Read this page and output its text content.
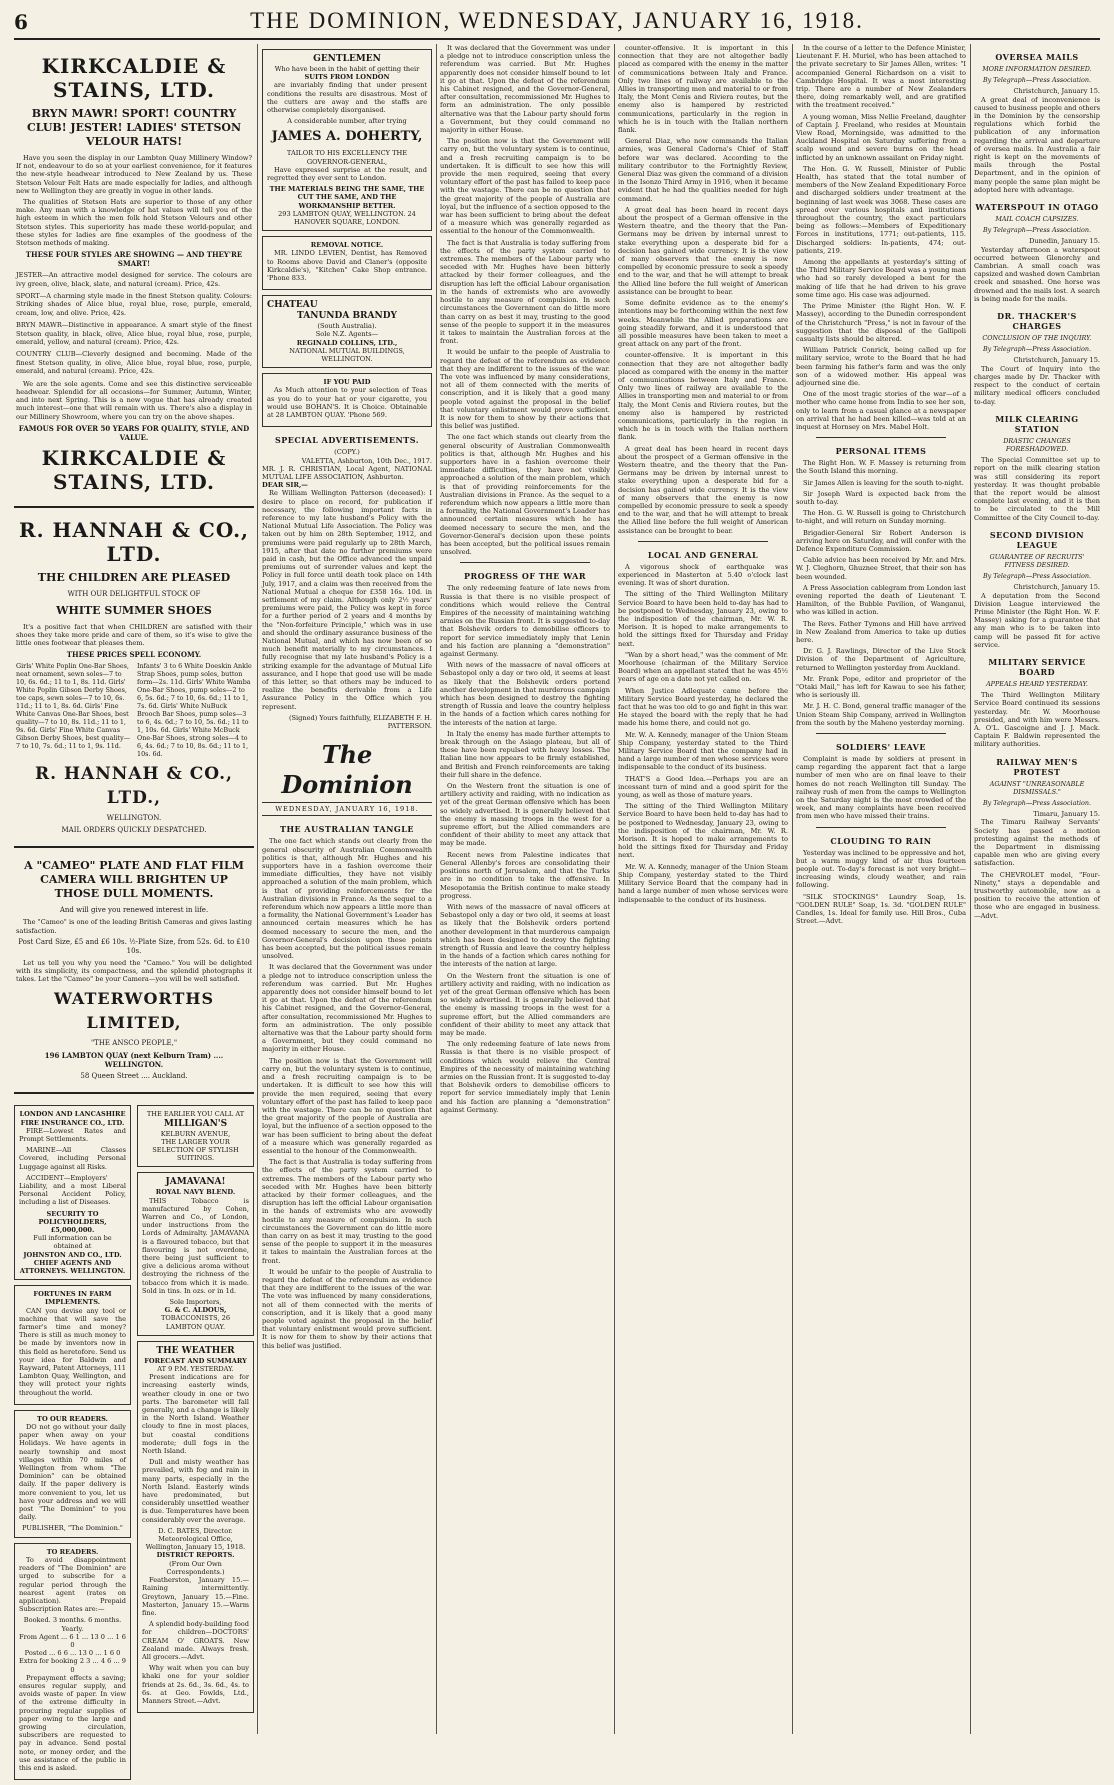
6	THE DOMINION, WEDNESDAY, JANUARY 16, 1918.
KIRKCALDIE & STAINS, LTD.
BRYN MAWR! SPORT! COUNTRY CLUB! JESTER! LADIES' STETSON VELOUR HATS!

Have you seen the display in our Lambton Quay Millinery Window? If not, endeavour to do so at your earliest convenience, for it features the new-style headwear introduced to New Zealand by us. These Stetson Velour Felt Hats are made especially for ladies, and although new to Wellington they are greatly in vogue in other lands.

The qualities of Stetson Hats are superior to those of any other make. Any man with a knowledge of hat values will tell you of the high esteem in which the men folk hold Stetson Velours and other Stetson styles. This superiority has made these world-popular, and these styles for ladies are fine examples of the goodness of the Stetson methods of making.

THESE FOUR STYLES ARE SHOWING — AND THEY'RE SMART!
JESTER—An attractive model designed for service. The colours are ivy green, olive, black, slate, and natural (cream). Price, 42s.
SPORT—A charming style made in the finest Stetson quality. Colours: Striking shades of Alice blue, royal blue, rose, purple, emerald, cream, low, and olive. Price, 42s.
BRYN MAWR—Distinctive in appearance. A smart style of the finest Stetson quality, in black, olive, Alice blue, royal blue, rose, purple, emerald, yellow, and natural (cream). Price, 42s.
COUNTRY CLUB—Cleverly designed and becoming. Made of the finest Stetson quality, in olive, Alice blue, royal blue, rose, purple, emerald, and natural (cream). Price, 42s.

We are the sole agents. Come and see this distinctive serviceable headwear. Splendid for all occasions—for Summer, Autumn, Winter, and into next Spring. This is a new vogue that has already created much interest—one that will remain with us. There's also a display in our Millinery Showroom, where you can try on the above shapes.

FAMOUS FOR OVER 50 YEARS FOR QUALITY, STYLE, AND VALUE.
KIRKCALDIE & STAINS, LTD.
R. HANNAH & CO., LTD.
THE CHILDREN ARE PLEASED
WITH OUR DELIGHTFUL STOCK OF
WHITE SUMMER SHOES

It's a positive fact that when CHILDREN are satisfied with their shoes they take more pride and care of them, so it's wise to give the little ones footwear that pleases them.

THESE PRICES SPELL ECONOMY.
Girls' White Poplin One-Bar Shoes, neat ornament, sewn soles—7 to 10, 6s. 6d.; 11 to 1, 8s. 11d. Girls' White Poplin Gibson Derby Shoes, toe caps, sewn soles—7 to 10, 6s. 11d.; 11 to 1, 8s. 6d. Girls' Fine White Canvas One-Bar Shoes, best quality—7 to 10, 8s. 11d.; 11 to 1, 9s. 6d. Girls' Fine White Canvas Gibson Derby Shoes, best quality—7 to 10, 7s. 6d.; 11 to 1, 9s. 11d.
Infants' 3 to 6 White Doeskin Ankle Strap Shoes, pump soles, button form—2s. 11d. Girls' White Wamba One-Bar Shoes, pump soles—2 to 6, 5s. 6d.; 7 to 10, 6s. 6d.; 11 to 1, 7s. 6d. Girls' White NuBuck Brooch Bar Shoes, pump soles—3 to 6, 4s. 6d.; 7 to 10, 5s. 6d.; 11 to 1, 10s. 6d. Girls' White McBuck One-Bar Shoes, strong soles—4 to 6, 4s. 6d.; 7 to 10, 8s. 6d.; 11 to 1, 10s. 6d.
R. HANNAH & CO., LTD.,
WELLINGTON.
MAIL ORDERS QUICKLY DESPATCHED.
A "CAMEO" PLATE AND FLAT FILM CAMERA WILL BRIGHTEN UP THOSE DULL MOMENTS.
And will give you renewed interest in life.

The "Cameo" is one of the leading British Cameras and gives lasting satisfaction.

Post Card Size, £5 and £6 10s. ½-Plate Size, from 52s. 6d. to £10 10s.

Let us tell you why you need the "Cameo." You will be delighted with its simplicity, its compactness, and the splendid photographs it takes. Let the "Cameo" be your Camera—you will be well satisfied.

WATERWORTHS LIMITED,
"THE ANSCO PEOPLE,"
196 LAMBTON QUAY (next Kelburn Tram) .... WELLINGTON.
58 Queen Street .... Auckland.
LONDON AND LANCASHIRE FIRE INSURANCE CO., LTD.

FIRE—Lowest Rates and Prompt Settlements.

MARINE—All Classes Covered, including Personal Luggage against all Risks.

ACCIDENT—Employers' Liability, and a most Liberal Personal Accident Policy, including a list of Diseases.

SECURITY TO POLICYHOLDERS, £5,000,000.
Full information can be obtained at
JOHNSTON AND CO., LTD. CHIEF AGENTS AND ATTORNEYS. WELLINGTON.
FORTUNES IN FARM IMPLEMENTS.

CAN you devise any tool or machine that will save the farmer's time and money? There is still as much money to be made by inventors now in this field as heretofore. Send us your idea for Baldwin and Rayward, Patent Attorneys, 111 Lambton Quay, Wellington, and they will protect your rights throughout the world.

TO OUR READERS.

DO not go without your daily paper when away on your Holidays. We have agents in nearly township and most villages within 70 miles of Wellington from whom "The Dominion" can be obtained daily. If the paper delivery is more convenient to you, let us have your address and we will post "The Dominion" to you daily.

PUBLISHER, "The Dominion."
TO READERS.

To avoid disappointment readers of "The Dominion" are urged to subscribe for a regular period through the nearest agent (rates on application). Prepaid Subscription Rates are:—

Booked. 3 months. 6 months. Yearly.
From Agent ... 6 1 ... 13 0 ... 1 6 0
Posted ... 6 6 ... 13 0 ... 1 6 0
Extra for booking 2 3 ... 4 6 ... 9 0

Prepayment effects a saving; ensures regular supply, and avoids waste of paper. In view of the extreme difficulty in procuring regular supplies of paper owing to the large and growing circulation, subscribers are requested to pay in advance. Send postal note, or money order, and the use assistance of the public in this end is asked.

THE EARLIER YOU CALL AT
MILLIGAN'S
KELBURN AVENUE,
THE LARGER YOUR SELECTION OF STYLISH SUITINGS.
JAMAVANA!
ROYAL NAVY BLEND.

THIS Tobacco is manufactured by Cohen, Warren and Co., of London, under instructions from the Lords of Admiralty. JAMAVANA is a flavoured tobacco, but that flavouring is not overdone, there being just sufficient to give a delicious aroma without destroying the richness of the tobacco from which it is made. Sold in tins. In ozs. or in 1d.

Sole Importers,
G. & C. ALDOUS,
TOBACCONISTS, 26 LAMBTON QUAY.
THE WEATHER
FORECAST AND SUMMARY
AT 9 P.M. YESTERDAY.

Present indications are for increasing easterly winds, weather cloudy in one or two parts. The barometer will fall generally, and a change is likely in the North Island. Weather cloudy to fine in most places, but coastal conditions moderate; dull fogs in the North Island.

Dull and misty weather has prevailed, with fog and rain in many parts, especially in the North Island. Easterly winds have predominated, but considerably unsettled weather is due. Temperatures have been considerably over the average.

D. C. BATES, Director.
Meteorological Office, Wellington, January 15, 1918.
DISTRICT REPORTS.
(From Our Own Correspondents.)

Featherston, January 15.—Raining intermittently. Greytown, January 15.—Fine. Masterton, January 15.—Warm fine.

A splendid body-building food for children—DOCTORS' CREAM O' GROATS. New Zealand made. Always fresh. All grocers.—Advt.

Why wait when you can buy khaki one for your soldier friends at 2s. 6d., 3s. 6d., 4s. to 6s. at Geo. Fowlds, Ltd., Manners Street.—Advt.

GENTLEMEN
Who have been in the habit of getting their
SUITS FROM LONDON

are invariably finding that under present conditions the results are disastrous. Most of the cutters are away and the staffs are otherwise completely disorganised.

A considerable number, after trying
JAMES A. DOHERTY,
TAILOR TO HIS EXCELLENCY THE GOVERNOR-GENERAL,

Have expressed surprise at the result, and regretted they ever sent to London.

THE MATERIALS BEING THE SAME, THE CUT THE SAME, AND THE WORKMANSHIP BETTER.
293 LAMBTON QUAY, WELLINGTON. 24 HANOVER SQUARE, LONDON.
REMOVAL NOTICE.

MR. LINDO LEVIEN, Dentist, has Removed to Rooms above David and Claner's (opposite Kirkcaldie's), "Kitchen" Cake Shop entrance. 'Phone 833.

CHATEAU
TANUNDA BRANDY
(South Australia).
Sole N.Z. Agents—
REGINALD COLLINS, LTD.,
NATIONAL MUTUAL BUILDINGS, WELLINGTON.
IF YOU PAID

As Much attention to your selection of Teas as you do to your hat or your cigarette, you would use BOHAN'S. It is Choice. Obtainable at 28 LAMBTON QUAY. 'Phone 569.

SPECIAL ADVERTISEMENTS.
(COPY.)
VALETTA, Ashburton, 10th Dec., 1917.
MR. J. R. CHRISTIAN, Local Agent, NATIONAL MUTUAL LIFE ASSOCIATION, Ashburton.
DEAR SIR,—

Re William Wellington Patterson (deceased): I desire to place on record, for publication if necessary, the following important facts in reference to my late husband's Policy with the National Mutual Life Association. The Policy was taken out by him on 28th September, 1912, and premiums were paid regularly up to 28th March, 1915, after that date no further premiums were paid in cash, but the Office advanced the unpaid premiums out of surrender values and kept the Policy in full force until death took place on 14th July, 1917, and a claim was then received from the National Mutual a cheque for £358 16s. 10d. in settlement of my claim. Although only 2½ years' premiums were paid, the Policy was kept in force for a further period of 2 years and 4 months by the "Non-forfeiture Principle," which was in use and should the ordinary assurance business of the National Mutual, and which has now been of so much benefit materially to my circumstances. I fully recognise that my late husband's Policy is a striking example for the advantage of Mutual Life assurance, and I hope that good use will be made of this letter, so that others may be induced to realize the benefits derivable from a Life Assurance Policy in the Office which you represent.

(Signed) Yours faithfully, ELIZABETH F. H. PATTERSON.
The Dominion
WEDNESDAY, JANUARY 16, 1918.
THE AUSTRALIAN TANGLE

The one fact which stands out clearly from the general obscurity of Australian Commonwealth politics is that, although Mr. Hughes and his supporters have in a fashion overcome their immediate difficulties, they have not visibly approached a solution of the main problem, which is that of providing reinforcements for the Australian divisions in France. As the sequel to a referendum which now appears a little more than a formality, the National Government's Leader has announced certain measures which he has deemed necessary to secure the men, and the Governor-General's decision upon these points has been accepted, but the political issues remain unsolved.

It was declared that the Government was under a pledge not to introduce conscription unless the referendum was carried. But Mr. Hughes apparently does not consider himself bound to let it go at that. Upon the defeat of the referendum his Cabinet resigned, and the Governor-General, after consultation, recommissioned Mr. Hughes to form an administration. The only possible alternative was that the Labour party should form a Government, but they could command no majority in either House.

The position now is that the Government will carry on, but the voluntary system is to continue, and a fresh recruiting campaign is to be undertaken. It is difficult to see how this will provide the men required, seeing that every voluntary effort of the past has failed to keep pace with the wastage. There can be no question that the great majority of the people of Australia are loyal, but the influence of a section opposed to the war has been sufficient to bring about the defeat of a measure which was generally regarded as essential to the honour of the Commonwealth.

The fact is that Australia is today suffering from the effects of the party system carried to extremes. The members of the Labour party who seceded with Mr. Hughes have been bitterly attacked by their former colleagues, and the disruption has left the official Labour organisation in the hands of extremists who are avowedly hostile to any measure of compulsion. In such circumstances the Government can do little more than carry on as best it may, trusting to the good sense of the people to support it in the measures it takes to maintain the Australian forces at the front.

It would be unfair to the people of Australia to regard the defeat of the referendum as evidence that they are indifferent to the issues of the war. The vote was influenced by many considerations, not all of them connected with the merits of conscription, and it is likely that a good many people voted against the proposal in the belief that voluntary enlistment would prove sufficient. It is now for them to show by their actions that this belief was justified.

It was declared that the Government was under a pledge not to introduce conscription unless the referendum was carried. But Mr. Hughes apparently does not consider himself bound to let it go at that. Upon the defeat of the referendum his Cabinet resigned, and the Governor-General, after consultation, recommissioned Mr. Hughes to form an administration. The only possible alternative was that the Labour party should form a Government, but they could command no majority in either House.

The position now is that the Government will carry on, but the voluntary system is to continue, and a fresh recruiting campaign is to be undertaken. It is difficult to see how this will provide the men required, seeing that every voluntary effort of the past has failed to keep pace with the wastage. There can be no question that the great majority of the people of Australia are loyal, but the influence of a section opposed to the war has been sufficient to bring about the defeat of a measure which was generally regarded as essential to the honour of the Commonwealth.

The fact is that Australia is today suffering from the effects of the party system carried to extremes. The members of the Labour party who seceded with Mr. Hughes have been bitterly attacked by their former colleagues, and the disruption has left the official Labour organisation in the hands of extremists who are avowedly hostile to any measure of compulsion. In such circumstances the Government can do little more than carry on as best it may, trusting to the good sense of the people to support it in the measures it takes to maintain the Australian forces at the front.

It would be unfair to the people of Australia to regard the defeat of the referendum as evidence that they are indifferent to the issues of the war. The vote was influenced by many considerations, not all of them connected with the merits of conscription, and it is likely that a good many people voted against the proposal in the belief that voluntary enlistment would prove sufficient. It is now for them to show by their actions that this belief was justified.

The one fact which stands out clearly from the general obscurity of Australian Commonwealth politics is that, although Mr. Hughes and his supporters have in a fashion overcome their immediate difficulties, they have not visibly approached a solution of the main problem, which is that of providing reinforcements for the Australian divisions in France. As the sequel to a referendum which now appears a little more than a formality, the National Government's Leader has announced certain measures which he has deemed necessary to secure the men, and the Governor-General's decision upon these points has been accepted, but the political issues remain unsolved.

PROGRESS OF THE WAR

The only redeeming feature of late news from Russia is that there is no visible prospect of conditions which would relieve the Central Empires of the necessity of maintaining watching armies on the Russian front. It is suggested to-day that Bolshevik orders to demobilise officers to report for service immediately imply that Lenin and his faction are planning a "demonstration" against Germany.

With news of the massacre of naval officers at Sebastopol only a day or two old, it seems at least as likely that the Bolshevik orders portend another development in that murderous campaign which has been designed to destroy the fighting strength of Russia and leave the country helpless in the hands of a faction which cares nothing for the interests of the nation at large.

In Italy the enemy has made further attempts to break through on the Asiago plateau, but all of these have been repulsed with heavy losses. The Italian line now appears to be firmly established, and British and French reinforcements are taking their full share in the defence.

On the Western front the situation is one of artillery activity and raiding, with no indication as yet of the great German offensive which has been so widely advertised. It is generally believed that the enemy is massing troops in the west for a supreme effort, but the Allied commanders are confident of their ability to meet any attack that may be made.

Recent news from Palestine indicates that General Allenby's forces are consolidating their positions north of Jerusalem, and that the Turks are in no condition to take the offensive. In Mesopotamia the British continue to make steady progress.

With news of the massacre of naval officers at Sebastopol only a day or two old, it seems at least as likely that the Bolshevik orders portend another development in that murderous campaign which has been designed to destroy the fighting strength of Russia and leave the country helpless in the hands of a faction which cares nothing for the interests of the nation at large.

On the Western front the situation is one of artillery activity and raiding, with no indication as yet of the great German offensive which has been so widely advertised. It is generally believed that the enemy is massing troops in the west for a supreme effort, but the Allied commanders are confident of their ability to meet any attack that may be made.

The only redeeming feature of late news from Russia is that there is no visible prospect of conditions which would relieve the Central Empires of the necessity of maintaining watching armies on the Russian front. It is suggested to-day that Bolshevik orders to demobilise officers to report for service immediately imply that Lenin and his faction are planning a "demonstration" against Germany.

counter-offensive. It is important in this connection that they are not altogether badly placed as compared with the enemy in the matter of communications between Italy and France. Only two lines of railway are available to the Allies in transporting men and material to or from Italy, the Mont Cenis and Riviera routes, but the enemy also is hampered by restricted communications, particularly in the region in which he is in touch with the Italian northern flank.

General Diaz, who now commands the Italian armies, was General Cadorna's Chief of Staff before war was declared. According to the military contributor to the Fortnightly Review, General Diaz was given the command of a division in the Isonzo Third Army in 1916, when it became evident that he had the qualities needed for high command.

A great deal has been heard in recent days about the prospect of a German offensive in the Western theatre, and the theory that the Pan-Germans may be driven by internal unrest to stake everything upon a desperate bid for a decision has gained wide currency. It is the view of many observers that the enemy is now compelled by economic pressure to seek a speedy end to the war, and that he will attempt to break the Allied line before the full weight of American assistance can be brought to bear.

Some definite evidence as to the enemy's intentions may be forthcoming within the next few weeks. Meanwhile the Allied preparations are going steadily forward, and it is understood that all possible measures have been taken to meet a great attack on any part of the front.

counter-offensive. It is important in this connection that they are not altogether badly placed as compared with the enemy in the matter of communications between Italy and France. Only two lines of railway are available to the Allies in transporting men and material to or from Italy, the Mont Cenis and Riviera routes, but the enemy also is hampered by restricted communications, particularly in the region in which he is in touch with the Italian northern flank.

A great deal has been heard in recent days about the prospect of a German offensive in the Western theatre, and the theory that the Pan-Germans may be driven by internal unrest to stake everything upon a desperate bid for a decision has gained wide currency. It is the view of many observers that the enemy is now compelled by economic pressure to seek a speedy end to the war, and that he will attempt to break the Allied line before the full weight of American assistance can be brought to bear.

LOCAL AND GENERAL

A vigorous shock of earthquake was experienced in Masterton at 5.40 o'clock last evening. It was of short duration.

The sitting of the Third Wellington Military Service Board to have been held to-day has had to be postponed to Wednesday, January 23, owing to the indisposition of the chairman, Mr. W. R. Morison. It is hoped to make arrangements to hold the sittings fixed for Thursday and Friday next.

"Wan by a short head," was the comment of Mr. Moorhouse (chairman of the Military Service Board) when an appellant stated that he was 45½ years of age on a date not yet called on.

When Justice Adlequate came before the Military Service Board yesterday, he declared the fact that he was too old to go and fight in this war. He stayed the board with the reply that he had made his home there, and could not go.

Mr. W. A. Kennedy, manager of the Union Steam Ship Company, yesterday stated to the Third Military Service Board that the company had in hand a large number of men whose services were indispensable to the conduct of its business.

THAT'S a Good Idea.—Perhaps you are an incessant turn of mind and a good spirit for the young, as well as those of mature years.

The sitting of the Third Wellington Military Service Board to have been held to-day has had to be postponed to Wednesday, January 23, owing to the indisposition of the chairman, Mr. W. R. Morison. It is hoped to make arrangements to hold the sittings fixed for Thursday and Friday next.

Mr. W. A. Kennedy, manager of the Union Steam Ship Company, yesterday stated to the Third Military Service Board that the company had in hand a large number of men whose services were indispensable to the conduct of its business.

In the course of a letter to the Defence Minister, Lieutenant F. H. Muriel, who has been attached to the private secretary to Sir James Allen, writes: "I accompanied General Richardson on a visit to Cambridge Hospital. It was a most interesting trip. There are a number of New Zealanders there, doing remarkably well, and are gratified with the treatment received."

A young woman, Miss Nellie Freeland, daughter of Captain J. Freeland, who resides at Mountain View Road, Morningside, was admitted to the Auckland Hospital on Saturday suffering from a scalp wound and severe burns on the head inflicted by an unknown assailant on Friday night.

The Hon. G. W. Russell, Minister of Public Health, has stated that the total number of members of the New Zealand Expeditionary Force and discharged soldiers under treatment at the beginning of last week was 3068. These cases are spread over various hospitals and institutions throughout the country, the exact particulars being as follows:—Members of Expeditionary Forces in institutions, 1771; out-patients, 115. Discharged soldiers: In-patients, 474; out-patients, 219.

Among the appellants at yesterday's sitting of the Third Military Service Board was a young man who had so rarely developed a bent for the making of life that he had driven to his grave some time ago. His case was adjourned.

The Prime Minister (the Right Hon. W. F. Massey), according to the Dunedin correspondent of the Christchurch "Press," is not in favour of the suggestion that the disposal of the Gallipoli casualty lists should be altered.

William Patrick Conrick, being called up for military service, wrote to the Board that he had been farming his father's farm and was the only son of a widowed mother. His appeal was adjourned sine die.

One of the most tragic stories of the war—of a mother who came home from India to see her son, only to learn from a casual glance at a newspaper on arrival that he had been killed—was told at an inquest at Hornsey on Mrs. Mabel Holt.

PERSONAL ITEMS

The Right Hon. W. F. Massey is returning from the South Island this morning.

Sir James Allen is leaving for the south to-night.

Sir Joseph Ward is expected back from the south to-day.

The Hon. G. W. Russell is going to Christchurch to-night, and will return on Sunday morning.

Brigadier-General Sir Robert Anderson is arriving here on Saturday, and will confer with the Defence Expenditure Commission.

Cable advice has been received by Mr. and Mrs. W. J. Cleghorn, Ghuznee Street, that their son has been wounded.

A Press Association cablegram from London last evening reported the death of Lieutenant T. Hamilton, of the Bubble Pavilion, of Wanganui, who was killed in action.

The Revs. Father Tymons and Hill have arrived in New Zealand from America to take up duties here.

Dr. G. J. Rawlings, Director of the Live Stock Division of the Department of Agriculture, returned to Wellington yesterday from Auckland.

Mr. Frank Pope, editor and proprietor of the "Otaki Mail," has left for Kawau to see his father, who is seriously ill.

Mr. J. H. C. Bond, general traffic manager of the Union Steam Ship Company, arrived in Wellington from the south by the Maheno yesterday morning.

SOLDIERS' LEAVE

Complaint is made by soldiers at present in camp regarding the apparent fact that a large number of men who are on final leave to their homes do not reach Wellington till Sunday. The railway rush of men from the camps to Wellington on the Saturday night is the most crowded of the week, and many complaints have been received from men who have missed their trains.

CLOUDING TO RAIN

Yesterday was inclined to be oppressive and hot, but a warm muggy kind of air thus fourteen people out. To-day's forecast is not very bright—increasing winds, cloudy weather, and rain following.

"SILK STOCKINGS" Laundry Soap, 1s. "GOLDEN RULE" Soap, 1s. 3d. "GOLDEN RULE" Candles, 1s. Ideal for family use. Hill Bros., Cuba Street.—Advt.

OVERSEA MAILS
MORE INFORMATION DESIRED.
By Telegraph—Press Association.
Christchurch, January 15.

A great deal of inconvenience is caused to business people and others in the Dominion by the censorship regulations which forbid the publication of any information regarding the arrival and departure of oversea mails. In Australia a fair right is kept on the movements of mails through the Postal Department, and in the opinion of many people the same plan might be adopted here with advantage.

WATERSPOUT IN OTAGO
MAIL COACH CAPSIZES.
By Telegraph—Press Association.
Dunedin, January 15.

Yesterday afternoon a waterspout occurred between Glenorchy and Cambrian. A small coach was capsized and washed down Cambrian creek and smashed. One horse was drowned and the mails lost. A search is being made for the mails.

DR. THACKER'S CHARGES
CONCLUSION OF THE INQUIRY.
By Telegraph—Press Association.
Christchurch, January 15.

The Court of Inquiry into the charges made by Dr. Thacker with respect to the conduct of certain military medical officers concluded to-day.

MILK CLEARING STATION
DRASTIC CHANGES FORESHADOWED.

The Special Committee set up to report on the milk clearing station was still considering its report yesterday. It was thought probable that the report would be almost complete last evening, and it is then to be circulated to the Mill Committee of the City Council to-day.

SECOND DIVISION LEAGUE
GUARANTEE OF RECRUITS' FITNESS DESIRED.
By Telegraph—Press Association.
Christchurch, January 15.

A deputation from the Second Division League interviewed the Prime Minister (the Right Hon. W. F. Massey) asking for a guarantee that any man who is to be taken into camp will be passed fit for active service.

MILITARY SERVICE BOARD
APPEALS HEARD YESTERDAY.

The Third Wellington Military Service Board continued its sessions yesterday. Mr. W. Moorhouse presided, and with him were Messrs. A. O'L. Gascoigne and J. J. Mack. Captain F. Baldwin represented the military authorities.

RAILWAY MEN'S PROTEST
AGAINST "UNREASONABLE DISMISSALS."
By Telegraph—Press Association.
Timaru, January 15.

The Timaru Railway Servants' Society has passed a motion protesting against the methods of the Department in dismissing capable men who are giving every satisfaction.

The CHEVROLET model, "Four-Ninety," stays a dependable and trustworthy automobile, now as a position to receive the attention of those who are engaged in business.—Advt.
